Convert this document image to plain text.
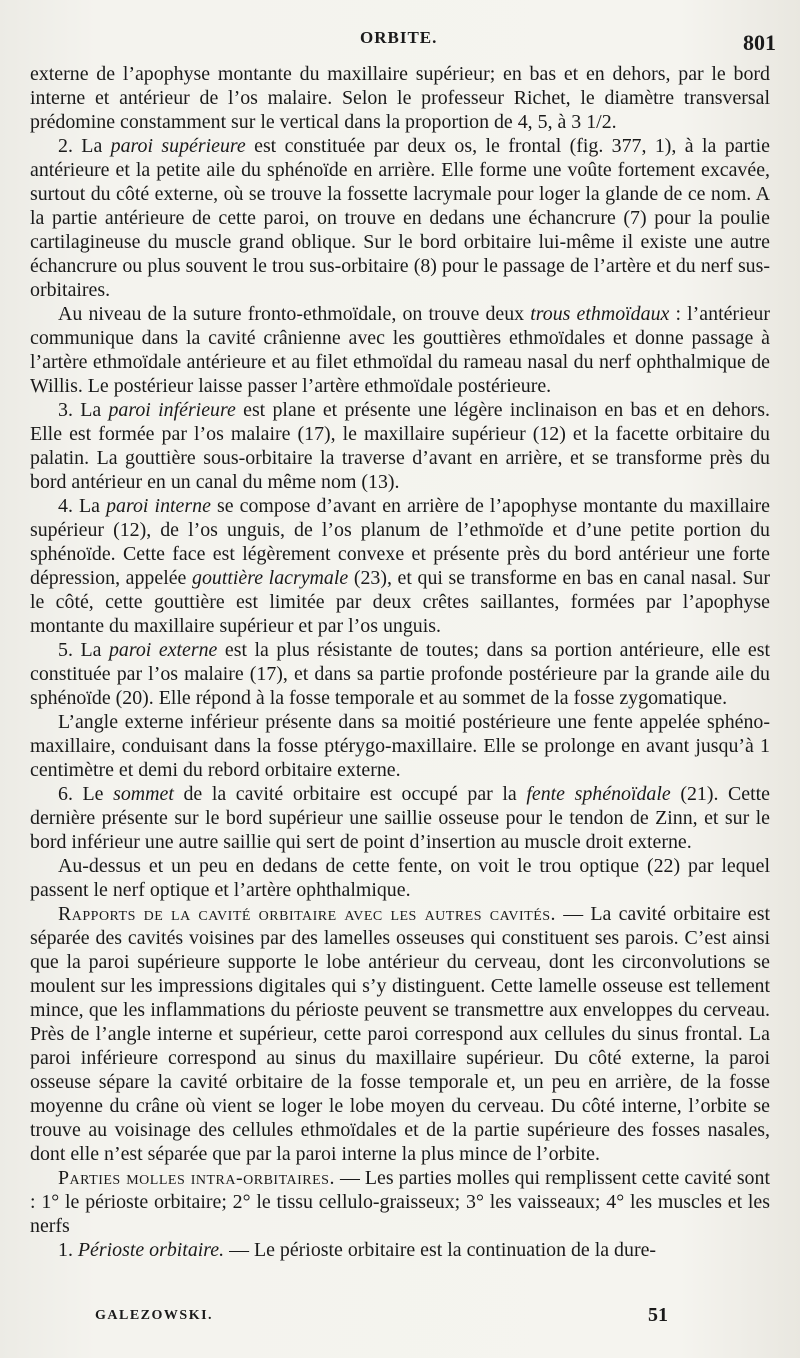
ORBITE.	801

externe de l’apophyse montante du maxillaire supérieur; en bas et en dehors, par le bord interne et antérieur de l’os malaire. Selon le professeur Richet, le diamètre transversal prédomine constamment sur le vertical dans la proportion de 4, 5, à 3 1/2.

2. La paroi supérieure est constituée par deux os, le frontal (fig. 377, 1), à la partie antérieure et la petite aile du sphénoïde en arrière. Elle forme une voûte fortement excavée, surtout du côté externe, où se trouve la fossette lacrymale pour loger la glande de ce nom. A la partie antérieure de cette paroi, on trouve en dedans une échancrure (7) pour la poulie cartilagineuse du muscle grand oblique. Sur le bord orbitaire lui-même il existe une autre échancrure ou plus souvent le trou sus-orbitaire (8) pour le passage de l’artère et du nerf sus-orbitaires.

Au niveau de la suture fronto-ethmoïdale, on trouve deux trous ethmoïdaux : l’antérieur communique dans la cavité crânienne avec les gouttières ethmoïdales et donne passage à l’artère ethmoïdale antérieure et au filet ethmoïdal du rameau nasal du nerf ophthalmique de Willis. Le postérieur laisse passer l’artère ethmoïdale postérieure.

3. La paroi inférieure est plane et présente une légère inclinaison en bas et en dehors. Elle est formée par l’os malaire (17), le maxillaire supérieur (12) et la facette orbitaire du palatin. La gouttière sous-orbitaire la traverse d’avant en arrière, et se transforme près du bord antérieur en un canal du même nom (13).

4. La paroi interne se compose d’avant en arrière de l’apophyse montante du maxillaire supérieur (12), de l’os unguis, de l’os planum de l’ethmoïde et d’une petite portion du sphénoïde. Cette face est légèrement convexe et présente près du bord antérieur une forte dépression, appelée gouttière lacrymale (23), et qui se transforme en bas en canal nasal. Sur le côté, cette gouttière est limitée par deux crêtes saillantes, formées par l’apophyse montante du maxillaire supérieur et par l’os unguis.

5. La paroi externe est la plus résistante de toutes; dans sa portion antérieure, elle est constituée par l’os malaire (17), et dans sa partie profonde postérieure par la grande aile du sphénoïde (20). Elle répond à la fosse temporale et au sommet de la fosse zygomatique.

L’angle externe inférieur présente dans sa moitié postérieure une fente appelée sphéno-maxillaire, conduisant dans la fosse ptérygo-maxillaire. Elle se prolonge en avant jusqu’à 1 centimètre et demi du rebord orbitaire externe.

6. Le sommet de la cavité orbitaire est occupé par la fente sphénoïdale (21). Cette dernière présente sur le bord supérieur une saillie osseuse pour le tendon de Zinn, et sur le bord inférieur une autre saillie qui sert de point d’insertion au muscle droit externe.

Au-dessus et un peu en dedans de cette fente, on voit le trou optique (22) par lequel passent le nerf optique et l’artère ophthalmique.

Rapports de la cavité orbitaire avec les autres cavités. — La cavité orbitaire est séparée des cavités voisines par des lamelles osseuses qui constituent ses parois. C’est ainsi que la paroi supérieure supporte le lobe antérieur du cerveau, dont les circonvolutions se moulent sur les impressions digitales qui s’y distinguent. Cette lamelle osseuse est tellement mince, que les inflammations du périoste peuvent se transmettre aux enveloppes du cerveau. Près de l’angle interne et supérieur, cette paroi correspond aux cellules du sinus frontal. La paroi inférieure correspond au sinus du maxillaire supérieur. Du côté externe, la paroi osseuse sépare la cavité orbitaire de la fosse temporale et, un peu en arrière, de la fosse moyenne du crâne où vient se loger le lobe moyen du cerveau. Du côté interne, l’orbite se trouve au voisinage des cellules ethmoïdales et de la partie supérieure des fosses nasales, dont elle n’est séparée que par la paroi interne la plus mince de l’orbite.

Parties molles intra-orbitaires. — Les parties molles qui remplissent cette cavité sont : 1° le périoste orbitaire; 2° le tissu cellulo-graisseux; 3° les vaisseaux; 4° les muscles et les nerfs

1. Périoste orbitaire. — Le périoste orbitaire est la continuation de la dure-

GALEZOWSKI.	51
